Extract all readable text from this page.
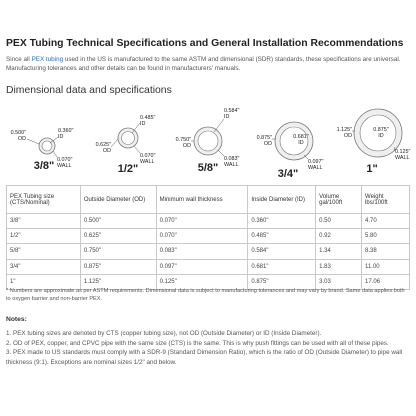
PEX Tubing Technical Specifications and General Installation Recommendations
Since all PEX tubing used in the US is manufactured to the same ASTM and dimensional (SDR) standards, these specifications are universal.
Manufacturing tolerances and other details can be found in manufacturers' manuals.
Dimensional data and specifications
0.500"
OD
0.360"
ID
0.070"
WALL
3/8"
0.625"
OD
0.485"
ID
0.070"
WALL
1/2"
0.750"
OD
0.584"
ID
0.083"
WALL
5/8"
0.875"
OD
0.681"
ID
0.097"
WALL
3/4"
1.125"
OD
0.875"
ID
0.125"
WALL
1"
PEX Tubing size (CTS/Nominal)	Outside Diameter (OD)	Minimum wall thickness	Inside Diameter (ID)	Volume gal/100ft	Weight lbs/100ft
3/8"	0.500"	0.070"	0.360"	0.50	4.70
1/2"	0.625"	0.070"	0.485"	0.92	5.80
5/8"	0.750"	0.083"	0.584"	1.34	8.38
3/4"	0.875"	0.097"	0.681"	1.83	11.00
1"	1.125"	0.125"	0.875"	3.03	17.06
* Numbers are approximate as per ASTM requirements. Dimensional data is subject to manufacturing tolerances and may vary by brand. Same data applies both to oxygen barrier and non-barrier PEX.
Notes:
1. PEX tubing sizes are denoted by CTS (copper tubing size), not OD (Outside Diameter) or ID (Inside Diameter).
2. OD of PEX, copper, and CPVC pipe with the same size (CTS) is the same. This is why push fittings can be used with all of these pipes.
3. PEX made to US standards must comply with a SDR-9 (Standard Dimension Ratio), which is the ratio of OD (Outside Diameter) to pipe wall thickness (9:1). Exceptions are nominal sizes 1/2" and below.
